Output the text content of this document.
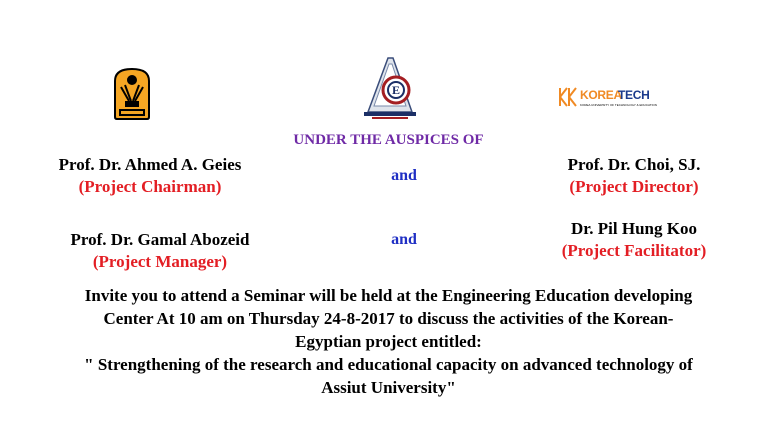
E	KOREA
TECH
KOREA UNIVERSITY OF TECHNOLOGY & EDUCATION
UNDER THE AUSPICES OF
Prof. Dr. Ahmed A. Geies
(Project Chairman)
and
Prof. Dr. Choi, SJ.
(Project Director)
Prof. Dr. Gamal Abozeid
(Project Manager)
and
Dr. Pil Hung Koo
(Project Facilitator)

Invite you to attend a Seminar will be held at the Engineering Education developing

Center At 10 am on Thursday 24-8-2017 to discuss the activities of the Korean-

Egyptian project entitled:

" Strengthening of the research and educational capacity on advanced technology of

Assiut University"
